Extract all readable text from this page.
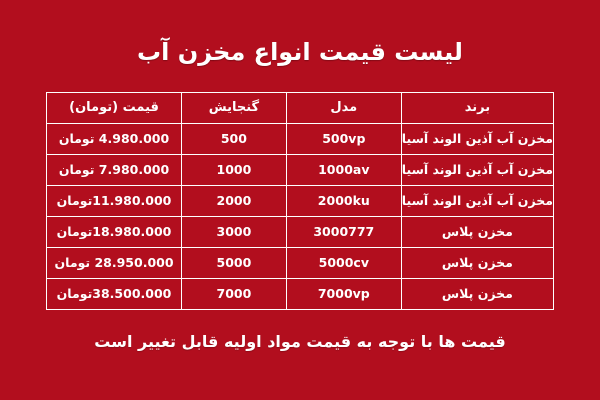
لیست قیمت انواع مخزن آب
برند	مدل	گنجایش	قیمت (تومان)
مخزن آب آذین الوند آسیا	500vp	500	4.980.000 تومان
مخزن آب آذین الوند آسیا	1000av	1000	7.980.000 تومان
مخزن آب آذین الوند آسیا	2000ku	2000	11.980.000تومان
مخزن پلاس	3000777	3000	18.980.000تومان
مخزن پلاس	5000cv	5000	28.950.000 تومان
مخزن پلاس	7000vp	7000	38.500.000تومان
قیمت ها با توجه به قیمت مواد اولیه قابل تغییر است
